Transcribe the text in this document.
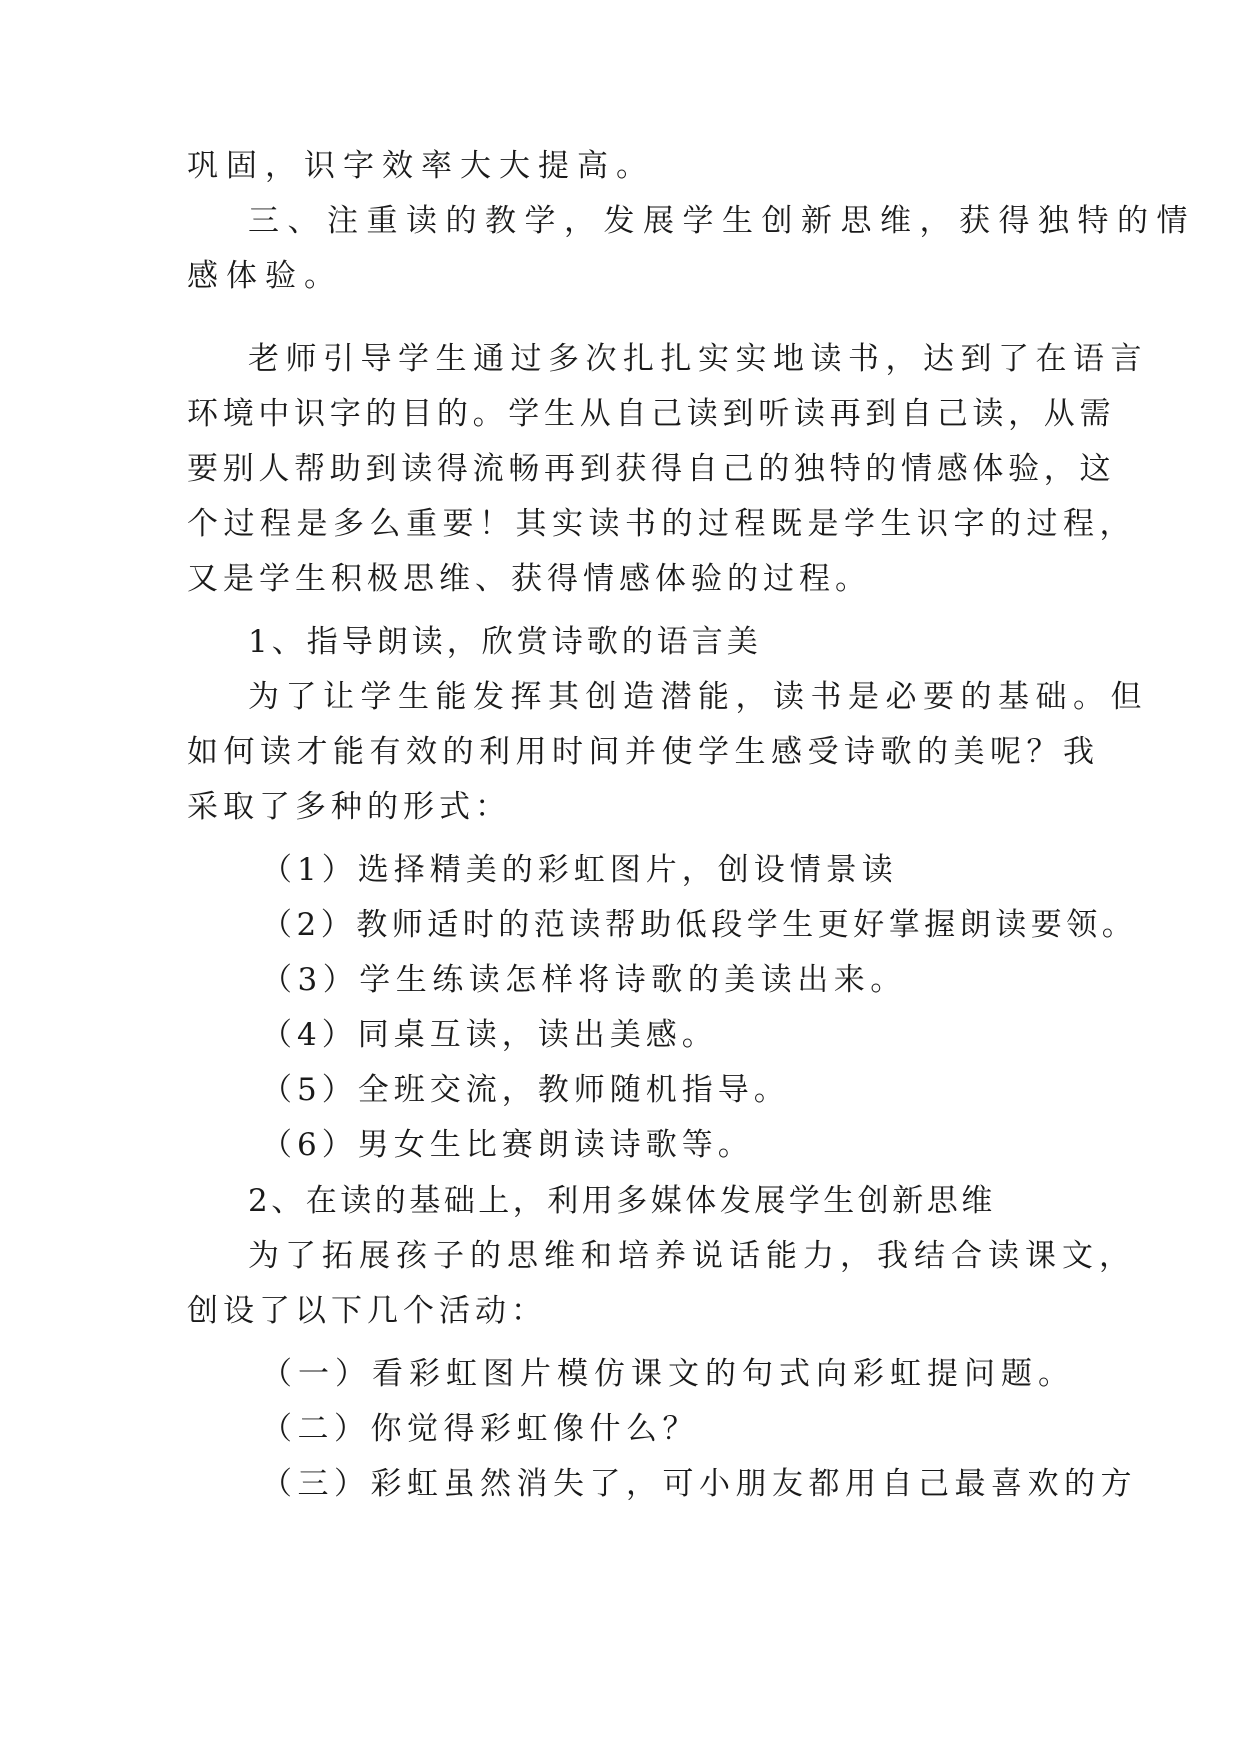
巩固，识字效率大大提高。
三、注重读的教学，发展学生创新思维，获得独特的情
感体验。
老师引导学生通过多次扎扎实实地读书，达到了在语言
环境中识字的目的。学生从自己读到听读再到自己读，从需
要别人帮助到读得流畅再到获得自己的独特的情感体验，这
个过程是多么重要！其实读书的过程既是学生识字的过程，
又是学生积极思维、获得情感体验的过程。
1、指导朗读，欣赏诗歌的语言美
为了让学生能发挥其创造潜能，读书是必要的基础。但
如何读才能有效的利用时间并使学生感受诗歌的美呢？我
采取了多种的形式：
（1）选择精美的彩虹图片，创设情景读
（2）教师适时的范读帮助低段学生更好掌握朗读要领。
（3）学生练读怎样将诗歌的美读出来。
（4）同桌互读，读出美感。
（5）全班交流，教师随机指导。
（6）男女生比赛朗读诗歌等。
2、在读的基础上，利用多媒体发展学生创新思维
为了拓展孩子的思维和培养说话能力，我结合读课文，
创设了以下几个活动：
（一）看彩虹图片模仿课文的句式向彩虹提问题。
（二）你觉得彩虹像什么？
（三）彩虹虽然消失了，可小朋友都用自己最喜欢的方
